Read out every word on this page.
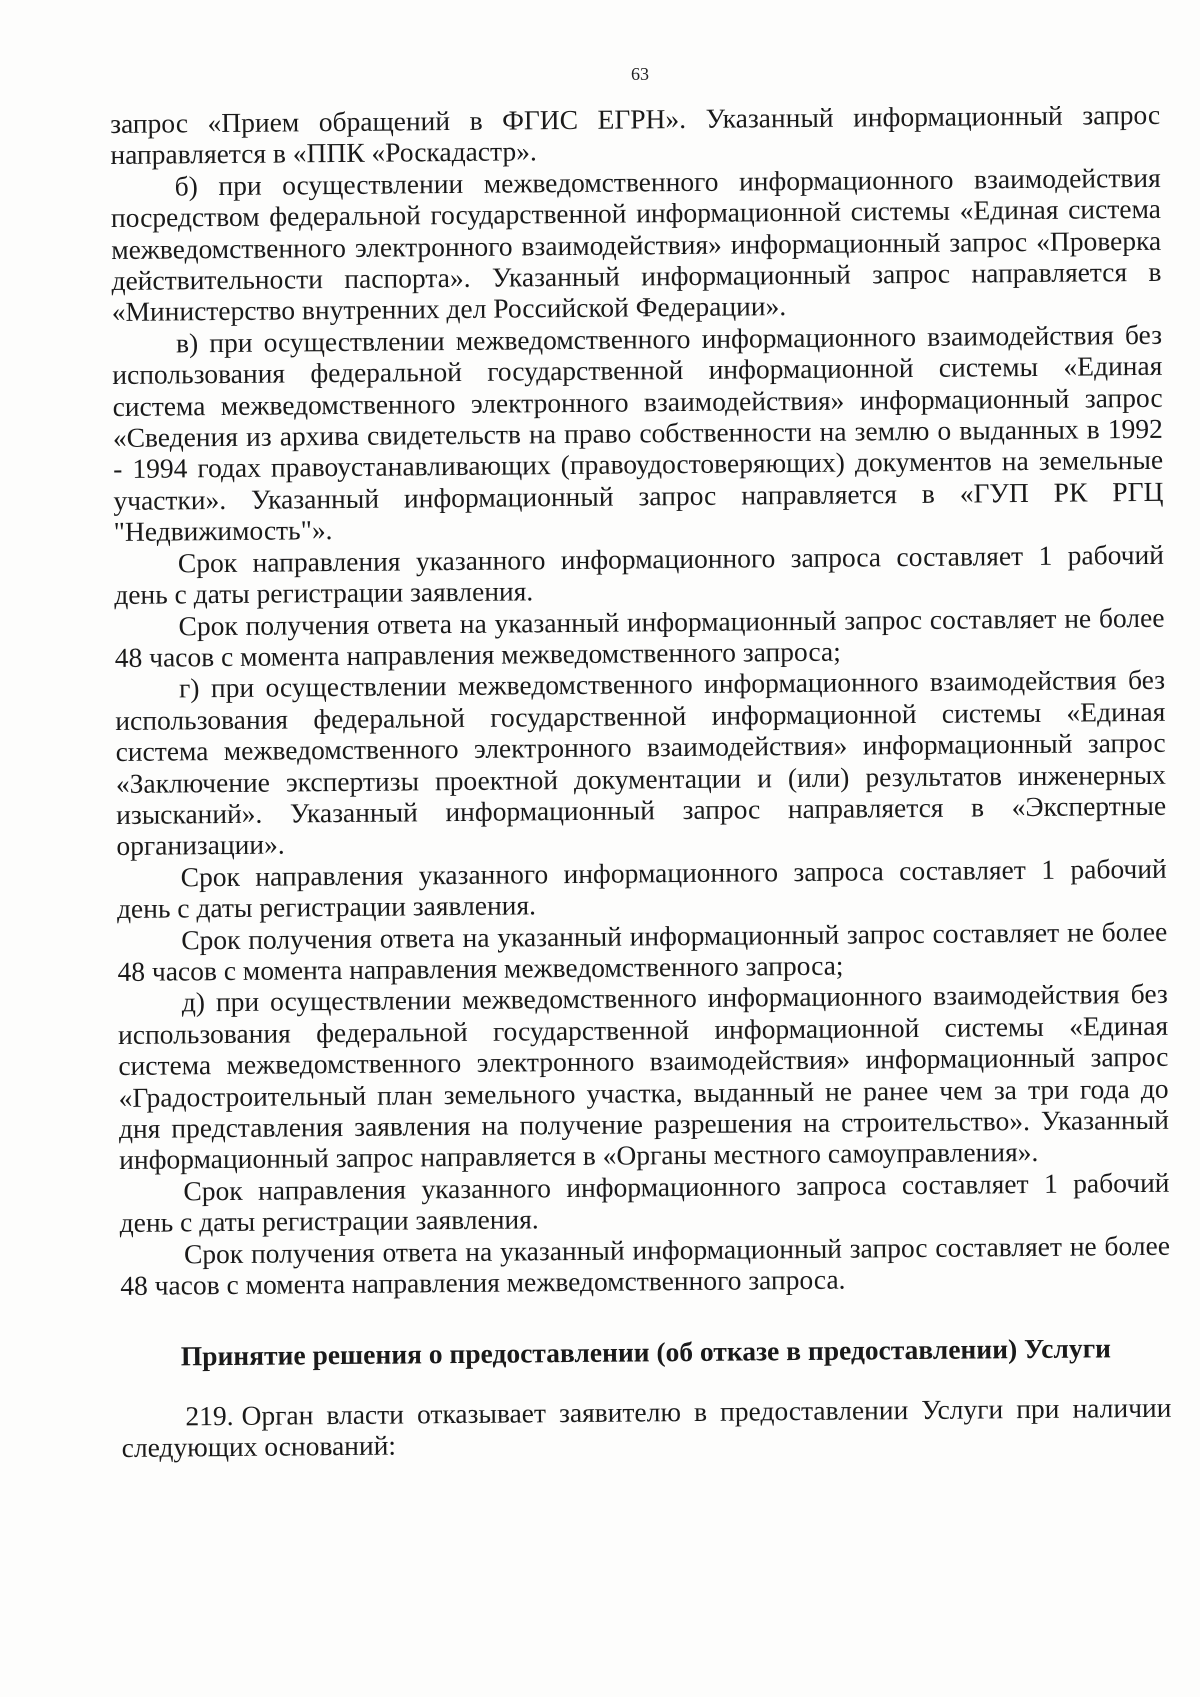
63

запрос «Прием обращений в ФГИС ЕГРН». Указанный информационный запрос направляется в «ППК «Роскадастр».

б) при осуществлении межведомственного информационного взаимодействия посредством федеральной государственной информационной системы «Единая система межведомственного электронного взаимодействия» информационный запрос «Проверка действительности паспорта». Указанный информационный запрос направляется в «Министерство внутренних дел Российской Федерации».

в) при осуществлении межведомственного информационного взаимодействия без использования федеральной государственной информационной системы «Единая система межведомственного электронного взаимодействия» информационный запрос «Сведения из архива свидетельств на право собственности на землю о выданных в 1992 - 1994 годах правоустанавливающих (правоудостоверяющих) документов на земельные участки». Указанный информационный запрос направляется в «ГУП РК РГЦ "Недвижимость"».

Срок направления указанного информационного запроса составляет 1 рабочий день с даты регистрации заявления.

Срок получения ответа на указанный информационный запрос составляет не более 48 часов с момента направления межведомственного запроса;

г) при осуществлении межведомственного информационного взаимодействия без использования федеральной государственной информационной системы «Единая система межведомственного электронного взаимодействия» информационный запрос «Заключение экспертизы проектной документации и (или) результатов инженерных изысканий». Указанный информационный запрос направляется в «Экспертные организации».

Срок направления указанного информационного запроса составляет 1 рабочий день с даты регистрации заявления.

Срок получения ответа на указанный информационный запрос составляет не более 48 часов с момента направления межведомственного запроса;

д) при осуществлении межведомственного информационного взаимодействия без использования федеральной государственной информационной системы «Единая система межведомственного электронного взаимодействия» информационный запрос «Градостроительный план земельного участка, выданный не ранее чем за три года до дня представления заявления на получение разрешения на строительство». Указанный информационный запрос направляется в «Органы местного самоуправления».

Срок направления указанного информационного запроса составляет 1 рабочий день с даты регистрации заявления.

Срок получения ответа на указанный информационный запрос составляет не более 48 часов с момента направления межведомственного запроса.

Принятие решения о предоставлении (об отказе в предоставлении) Услуги

219. Орган власти отказывает заявителю в предоставлении Услуги при наличии следующих оснований:
